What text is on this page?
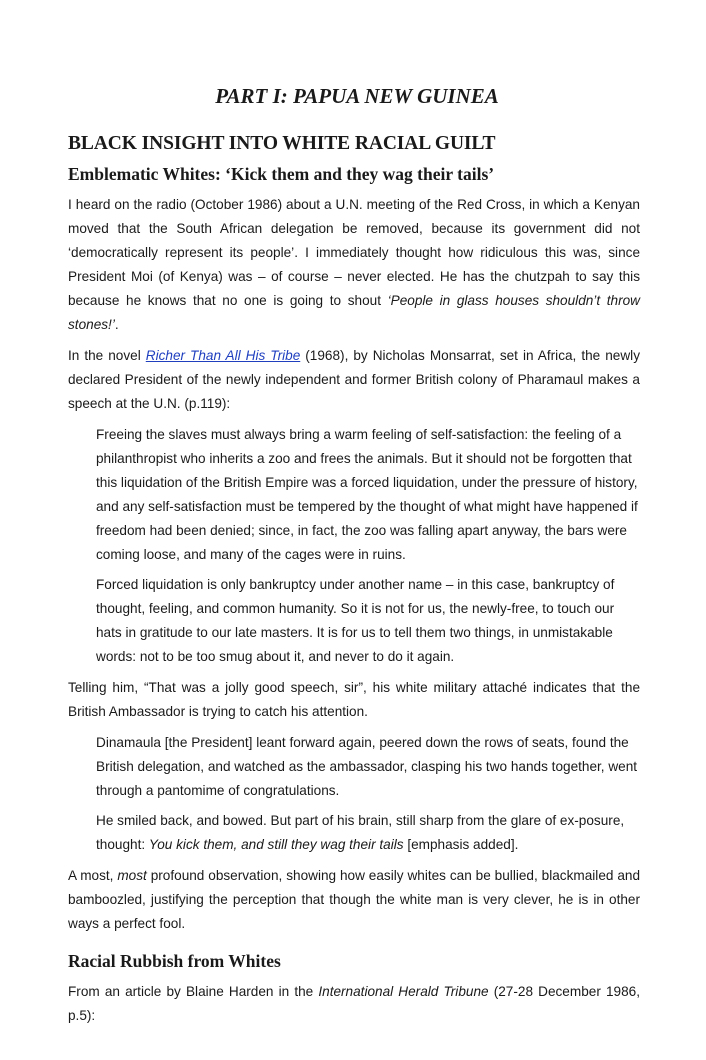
PART I: PAPUA NEW GUINEA
BLACK INSIGHT INTO WHITE RACIAL GUILT
Emblematic Whites: ‘Kick them and they wag their tails’

I heard on the radio (October 1986) about a U.N. meeting of the Red Cross, in which a Kenyan moved that the South African delegation be removed, because its government did not ‘democratically represent its people’. I immediately thought how ridiculous this was, since President Moi (of Kenya) was – of course – never elected. He has the chutzpah to say this because he knows that no one is going to shout ‘People in glass houses shouldn’t throw stones!’.

In the novel Richer Than All His Tribe (1968), by Nicholas Monsarrat, set in Africa, the newly declared President of the newly independent and former British colony of Pharamaul makes a speech at the U.N. (p.119):

Freeing the slaves must always bring a warm feeling of self-satisfaction: the feeling of a philanthropist who inherits a zoo and frees the animals. But it should not be forgotten that this liquidation of the British Empire was a forced liquidation, under the pressure of history, and any self-satisfaction must be tempered by the thought of what might have happened if freedom had been denied; since, in fact, the zoo was falling apart anyway, the bars were coming loose, and many of the cages were in ruins.

Forced liquidation is only bankruptcy under another name – in this case, bankruptcy of thought, feeling, and common humanity. So it is not for us, the newly-free, to touch our hats in gratitude to our late masters. It is for us to tell them two things, in unmistakable words: not to be too smug about it, and never to do it again.

Telling him, “That was a jolly good speech, sir”, his white military attaché indicates that the British Ambassador is trying to catch his attention.

Dinamaula [the President] leant forward again, peered down the rows of seats, found the British delegation, and watched as the ambassador, clasping his two hands together, went through a pantomime of congratulations.

He smiled back, and bowed. But part of his brain, still sharp from the glare of ex-posure, thought: You kick them, and still they wag their tails [emphasis added].

A most, most profound observation, showing how easily whites can be bullied, blackmailed and bamboozled, justifying the perception that though the white man is very clever, he is in other ways a perfect fool.

Racial Rubbish from Whites

From an article by Blaine Harden in the International Herald Tribune (27-28 December 1986, p.5):
